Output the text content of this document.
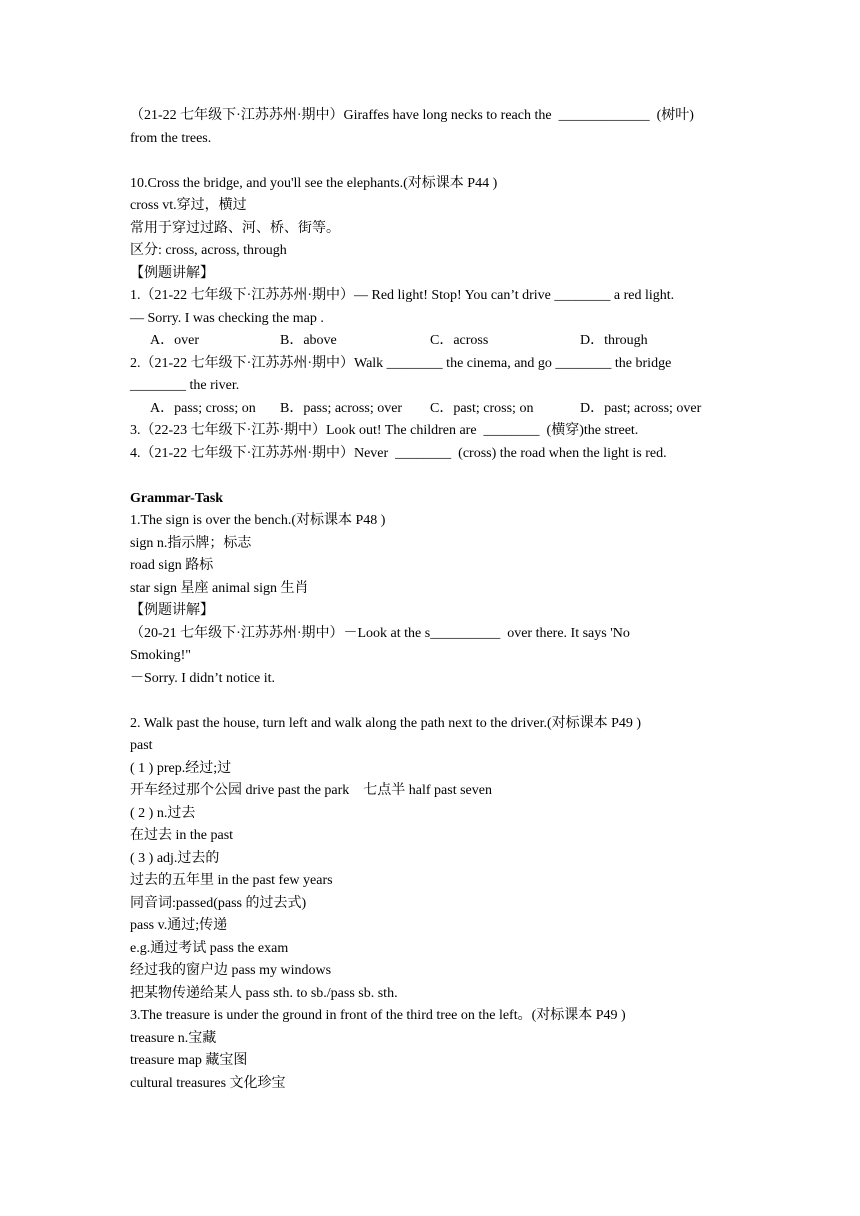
（21-22 七年级下·江苏苏州·期中）Giraffes have long necks to reach the  _____________  (树叶)
from the trees.
10.Cross the bridge, and you'll see the elephants.(对标课本 P44 )
cross vt.穿过，横过
常用于穿过过路、河、桥、街等。
区分: cross, across, through
【例题讲解】
1.（21-22 七年级下·江苏苏州·期中）— Red light! Stop! You can’t drive ________ a red light.
— Sorry. I was checking the map .
A．over	B．above	C．across	D．through
2.（21-22 七年级下·江苏苏州·期中）Walk ________ the cinema, and go ________ the bridge
________ the river.
A．pass; cross; on	B．pass; across; over	C．past; cross; on	D．past; across; over
3.（22-23 七年级下·江苏·期中）Look out! The children are  ________  (横穿)the street.
4.（21-22 七年级下·江苏苏州·期中）Never  ________  (cross) the road when the light is red.
Grammar-Task
1.The sign is over the bench.(对标课本 P48 )
sign n.指示牌；标志
road sign 路标
star sign 星座 animal sign 生肖
【例题讲解】
（20-21 七年级下·江苏苏州·期中）－Look at the s__________  over there. It says 'No
Smoking!"
－Sorry. I didn’t notice it.
2. Walk past the house, turn left and walk along the path next to the driver.(对标课本 P49 )
past
( 1 ) prep.经过;过
开车经过那个公园 drive past the park    七点半 half past seven
( 2 ) n.过去
在过去 in the past
( 3 ) adj.过去的
过去的五年里 in the past few years
同音词:passed(pass 的过去式)
pass v.通过;传递
e.g.通过考试 pass the exam
经过我的窗户边 pass my windows
把某物传递给某人 pass sth. to sb./pass sb. sth.
3.The treasure is under the ground in front of the third tree on the left。(对标课本 P49 )
treasure n.宝藏
treasure map 藏宝图
cultural treasures 文化珍宝
